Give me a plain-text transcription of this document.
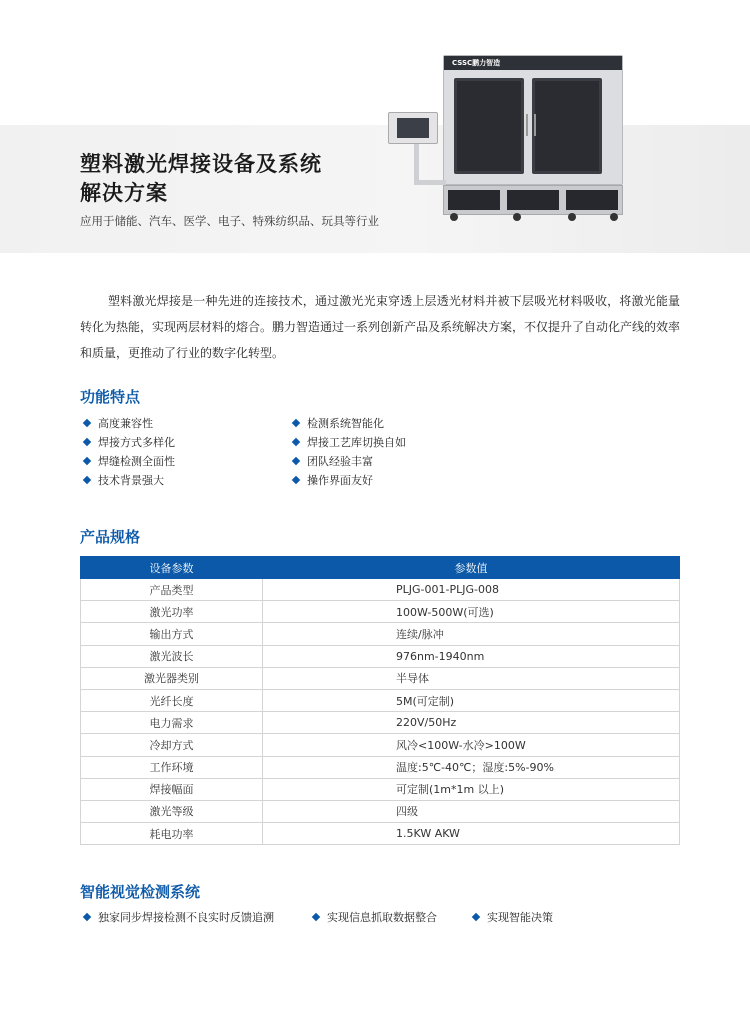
CSSC鹏力智造
塑料激光焊接设备及系统
解决方案
应用于储能、汽车、医学、电子、特殊纺织品、玩具等行业

塑料激光焊接是一种先进的连接技术，通过激光光束穿透上层透光材料并被下层吸光材料吸收，将激光能量转化为热能，实现两层材料的熔合。鹏力智造通过一系列创新产品及系统解决方案，不仅提升了自动化产线的效率和质量，更推动了行业的数字化转型。

功能特点
高度兼容性
焊接方式多样化
焊缝检测全面性
技术背景强大
检测系统智能化
焊接工艺库切换自如
团队经验丰富
操作界面友好
产品规格
设备参数	参数值
产品类型	PLJG-001-PLJG-008
激光功率	100W-500W(可选)
输出方式	连续/脉冲
激光波长	976nm-1940nm
激光器类别	半导体
光纤长度	5M(可定制)
电力需求	220V/50Hz
冷却方式	风冷<100W-水冷>100W
工作环境	温度:5℃-40℃；湿度:5%-90%
焊接幅面	可定制(1m*1m 以上)
激光等级	四级
耗电功率	1.5KW AKW
智能视觉检测系统
独家同步焊接检测不良实时反馈追溯	实现信息抓取数据整合	实现智能决策
